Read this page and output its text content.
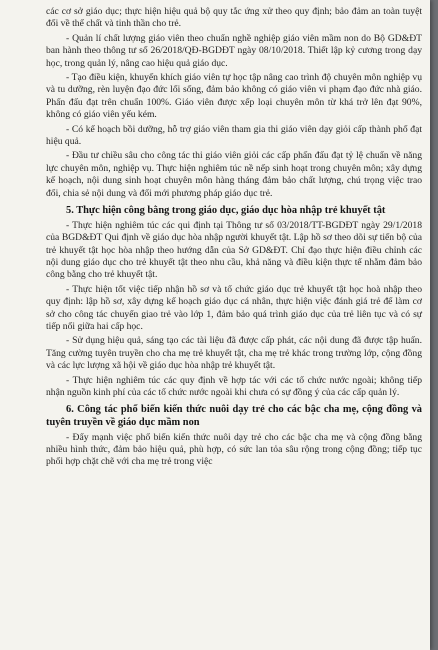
các cơ sở giáo dục; thực hiện hiệu quả bộ quy tắc ứng xử theo quy định; bảo đảm an toàn tuyệt đối về thể chất và tinh thần cho trẻ.

- Quản lí chất lượng giáo viên theo chuẩn nghề nghiệp giáo viên mầm non do Bộ GD&ĐT ban hành theo thông tư số 26/2018/QĐ-BGDĐT ngày 08/10/2018. Thiết lập kỷ cương trong dạy học, trong quản lý, nâng cao hiệu quả giáo dục.

- Tạo điều kiện, khuyến khích giáo viên tự học tập nâng cao trình độ chuyên môn nghiệp vụ và tu dưỡng, rèn luyện đạo đức lối sống, đảm bảo không có giáo viên vi phạm đạo đức nhà giáo. Phấn đấu đạt trên chuẩn 100%. Giáo viên được xếp loại chuyên môn từ khá trở lên đạt 90%, không có giáo viên yếu kém.

- Có kế hoạch bồi dưỡng, hỗ trợ giáo viên tham gia thi giáo viên dạy giỏi cấp thành phố đạt hiệu quả.

- Đầu tư chiều sâu cho công tác thi giáo viên giỏi các cấp phấn đấu đạt tỷ lệ chuẩn về năng lực chuyên môn, nghiệp vụ. Thực hiện nghiêm túc nề nếp sinh hoạt trong chuyên môn; xây dựng kế hoạch, nội dung sinh hoạt chuyên môn hàng tháng đảm bảo chất lượng, chú trọng việc trao đổi, chia sẻ nội dung và đổi mới phương pháp giáo dục trẻ.

5. Thực hiện công bằng trong giáo dục, giáo dục hòa nhập trẻ khuyết tật

- Thực hiện nghiêm túc các qui định tại Thông tư số 03/2018/TT-BGDĐT ngày 29/1/2018 của BGD&ĐT Qui định về giáo dục hòa nhập người khuyết tật. Lập hồ sơ theo dõi sự tiến bộ của trẻ khuyết tật học hòa nhập theo hướng dẫn của Sở GD&ĐT. Chỉ đạo thực hiện điều chỉnh các nội dung giáo dục cho trẻ khuyết tật theo nhu cầu, khả năng và điều kiện thực tế nhằm đảm bảo công bằng cho trẻ khuyết tật.

- Thực hiện tốt việc tiếp nhận hồ sơ và tổ chức giáo dục trẻ khuyết tật học hoà nhập theo quy định: lập hồ sơ, xây dựng kế hoạch giáo dục cá nhân, thực hiện việc đánh giá trẻ để làm cơ sở cho công tác chuyển giao trẻ vào lớp 1, đảm bảo quá trình giáo dục của trẻ liên tục và có sự tiếp nối giữa hai cấp học.

- Sử dụng hiệu quả, sáng tạo các tài liệu đã được cấp phát, các nội dung đã được tập huấn. Tăng cường tuyên truyền cho cha mẹ trẻ khuyết tật, cha mẹ trẻ khác trong trường lớp, cộng đồng và các lực lượng xã hội về giáo dục hòa nhập trẻ khuyết tật.

- Thực hiện nghiêm túc các quy định về hợp tác với các tổ chức nước ngoài; không tiếp nhận nguồn kinh phí của các tổ chức nước ngoài khi chưa có sự đồng ý của các cấp quản lý.

6. Công tác phổ biến kiến thức nuôi dạy trẻ cho các bậc cha mẹ, cộng đồng và tuyên truyền về giáo dục mầm non

- Đẩy mạnh việc phổ biến kiến thức nuôi dạy trẻ cho các bậc cha mẹ và cộng đồng bằng nhiều hình thức, đảm bảo hiệu quả, phù hợp, có sức lan tỏa sâu rộng trong cộng đồng; tiếp tục phối hợp chặt chẽ với cha mẹ trẻ trong việc
